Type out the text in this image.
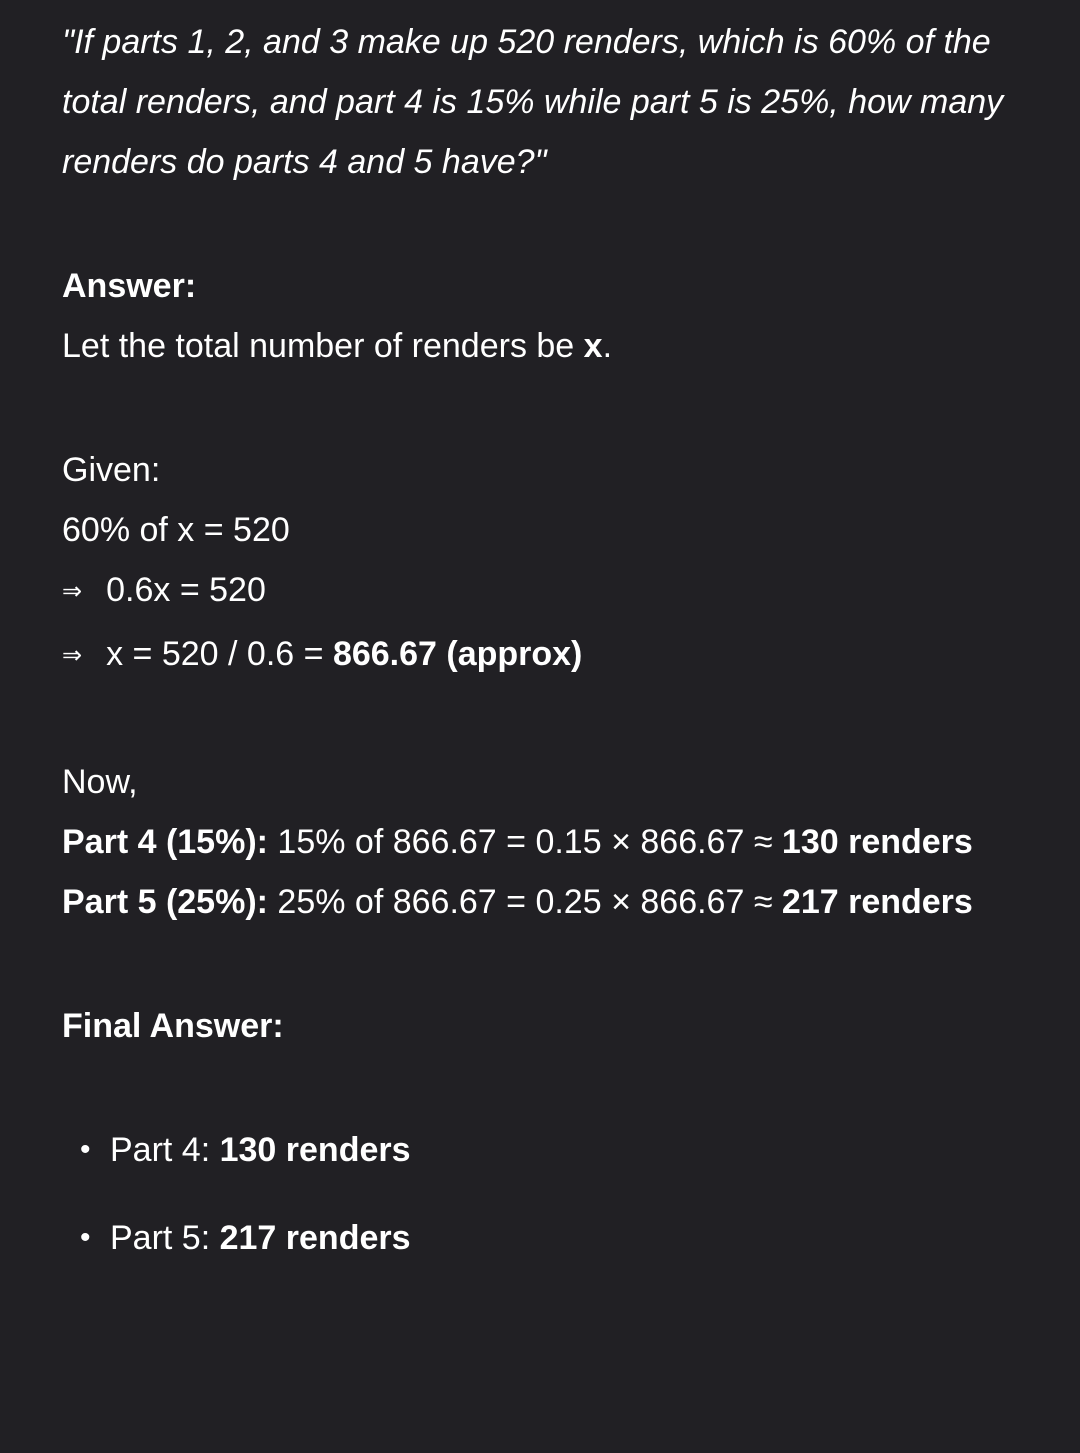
"If parts 1, 2, and 3 make up 520 renders, which is 60% of the total renders, and part 4 is 15% while part 5 is 25%, how many renders do parts 4 and 5 have?"

Answer:
Let the total number of renders be x.

Given:
60% of x = 520
⇒ 0.6x = 520
⇒ x = 520 / 0.6 = 866.67 (approx)

Now,
Part 4 (15%): 15% of 866.67 = 0.15 × 866.67 ≈ 130 renders
Part 5 (25%): 25% of 866.67 = 0.25 × 866.67 ≈ 217 renders

Final Answer:

• Part 4: 130 renders
• Part 5: 217 renders
